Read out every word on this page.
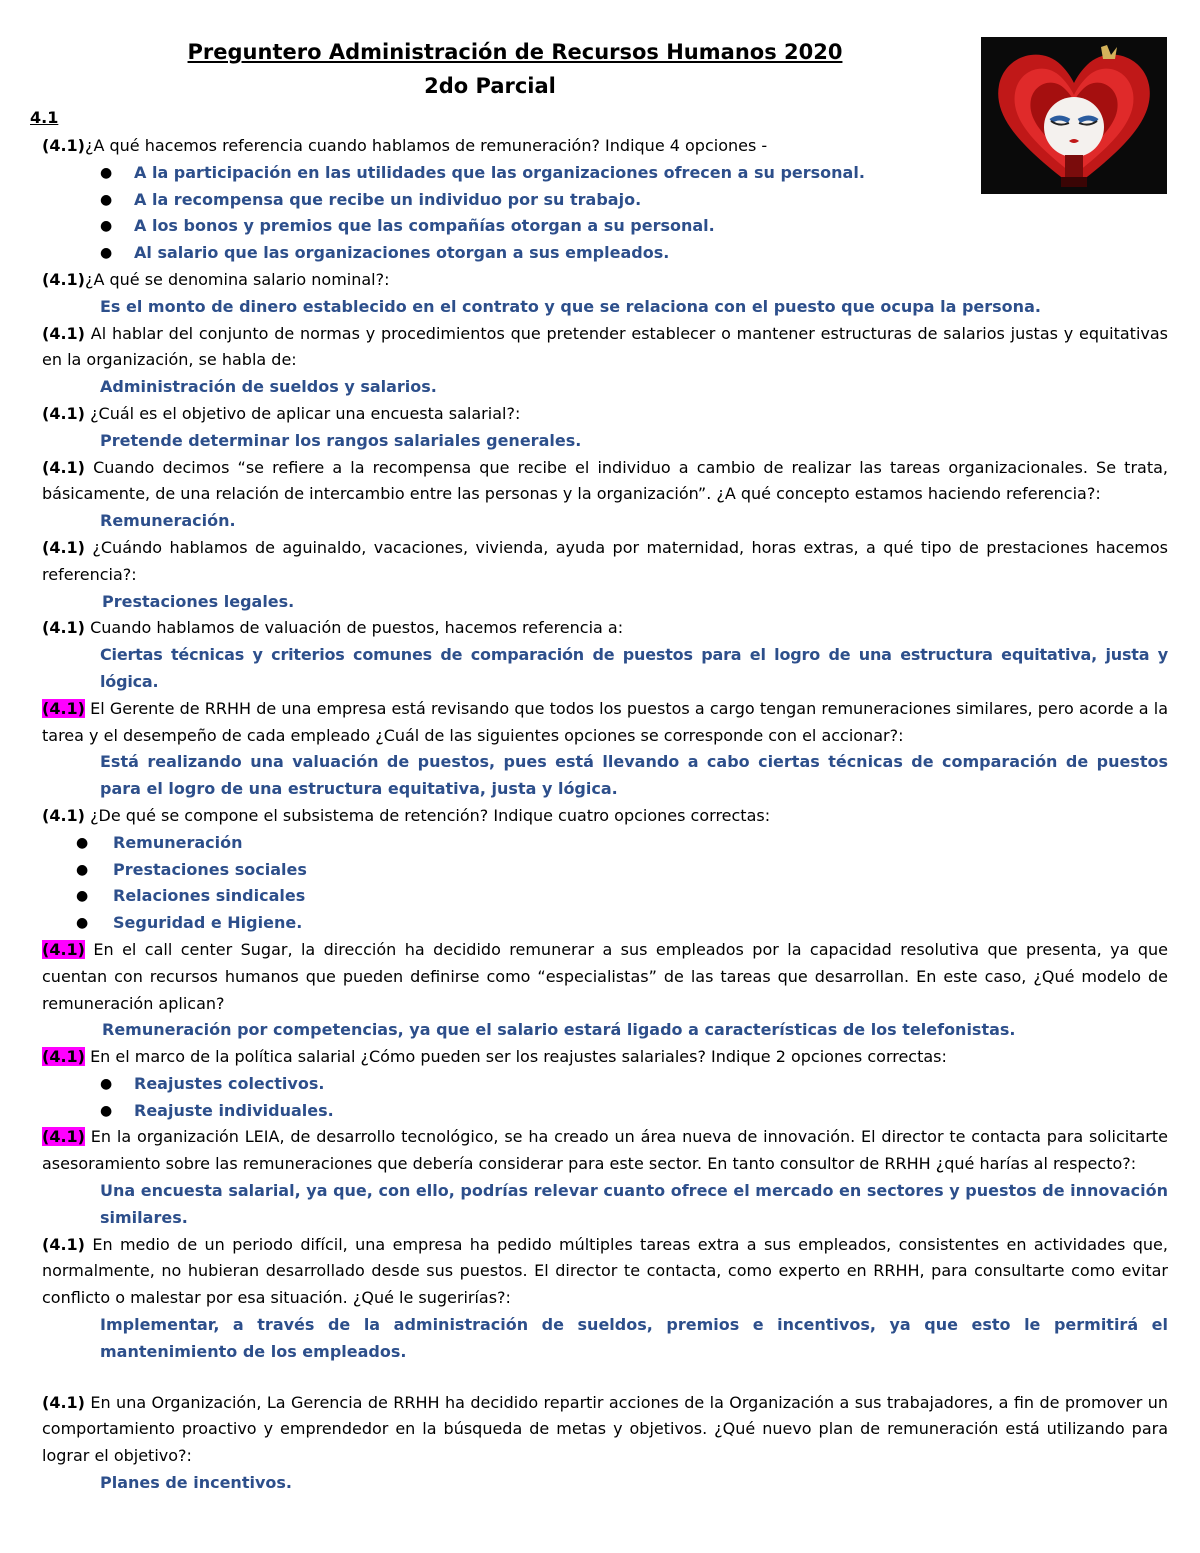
Preguntero Administración de Recursos Humanos 2020
2do Parcial
4.1

(4.1)¿A qué hacemos referencia cuando hablamos de remuneración? Indique 4 opciones -

● A la participación en las utilidades que las organizaciones ofrecen a su personal.
● A la recompensa que recibe un individuo por su trabajo.
● A los bonos y premios que las compañías otorgan a su personal.
● Al salario que las organizaciones otorgan a sus empleados.

(4.1)¿A qué se denomina salario nominal?:

Es el monto de dinero establecido en el contrato y que se relaciona con el puesto que ocupa la persona.

(4.1) Al hablar del conjunto de normas y procedimientos que pretender establecer o mantener estructuras de salarios justas y equitativas en la organización, se habla de:

Administración de sueldos y salarios.

(4.1) ¿Cuál es el objetivo de aplicar una encuesta salarial?:

Pretende determinar los rangos salariales generales.

(4.1) Cuando decimos “se refiere a la recompensa que recibe el individuo a cambio de realizar las tareas organizacionales. Se trata, básicamente, de una relación de intercambio entre las personas y la organización”. ¿A qué concepto estamos haciendo referencia?:

Remuneración.

(4.1) ¿Cuándo hablamos de aguinaldo, vacaciones, vivienda, ayuda por maternidad, horas extras, a qué tipo de prestaciones hacemos referencia?:

Prestaciones legales.

(4.1) Cuando hablamos de valuación de puestos, hacemos referencia a:

Ciertas técnicas y criterios comunes de comparación de puestos para el logro de una estructura equitativa, justa y lógica.

(4.1) El Gerente de RRHH de una empresa está revisando que todos los puestos a cargo tengan remuneraciones similares, pero acorde a la tarea y el desempeño de cada empleado ¿Cuál de las siguientes opciones se corresponde con el accionar?:

Está realizando una valuación de puestos, pues está llevando a cabo ciertas técnicas de comparación de puestos para el logro de una estructura equitativa, justa y lógica.

(4.1) ¿De qué se compone el subsistema de retención? Indique cuatro opciones correctas:

● Remuneración
● Prestaciones sociales
● Relaciones sindicales
● Seguridad e Higiene.

(4.1) En el call center Sugar, la dirección ha decidido remunerar a sus empleados por la capacidad resolutiva que presenta, ya que cuentan con recursos humanos que pueden definirse como “especialistas” de las tareas que desarrollan. En este caso, ¿Qué modelo de remuneración aplican?

Remuneración por competencias, ya que el salario estará ligado a características de los telefonistas.

(4.1) En el marco de la política salarial ¿Cómo pueden ser los reajustes salariales? Indique 2 opciones correctas:

● Reajustes colectivos.
● Reajuste individuales.

(4.1) En la organización LEIA, de desarrollo tecnológico, se ha creado un área nueva de innovación. El director te contacta para solicitarte asesoramiento sobre las remuneraciones que debería considerar para este sector. En tanto consultor de RRHH ¿qué harías al respecto?:

Una encuesta salarial, ya que, con ello, podrías relevar cuanto ofrece el mercado en sectores y puestos de innovación similares.

(4.1) En medio de un periodo difícil, una empresa ha pedido múltiples tareas extra a sus empleados, consistentes en actividades que, normalmente, no hubieran desarrollado desde sus puestos. El director te contacta, como experto en RRHH, para consultarte como evitar conflicto o malestar por esa situación. ¿Qué le sugerirías?:

Implementar, a través de la administración de sueldos, premios e incentivos, ya que esto le permitirá el mantenimiento de los empleados.

(4.1) En una Organización, La Gerencia de RRHH ha decidido repartir acciones de la Organización a sus trabajadores, a fin de promover un comportamiento proactivo y emprendedor en la búsqueda de metas y objetivos. ¿Qué nuevo plan de remuneración está utilizando para lograr el objetivo?:

Planes de incentivos.
